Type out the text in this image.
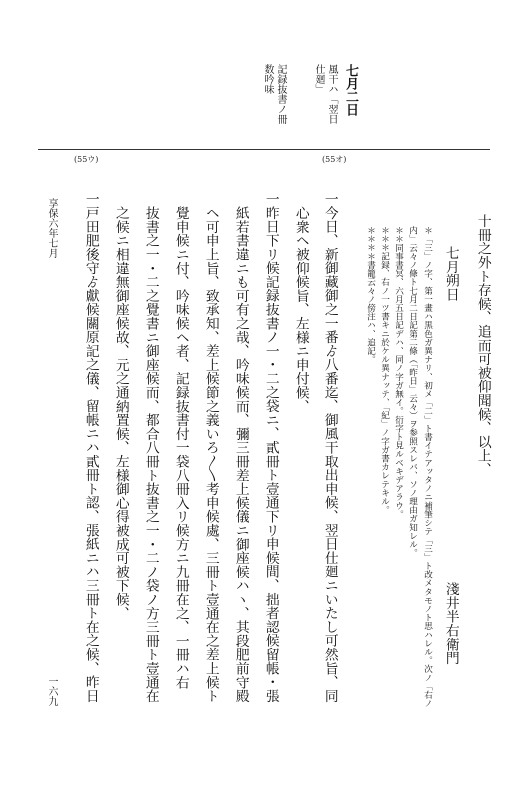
七月二日
風干ハ「翌日
仕廻」
記録抜書ノ冊
数吟味
(55オ)
(55ウ)
十冊之外ト存候、追而可被仰聞候、以上、
七月朔日
淺井半右衛門
＊「三」ノ字、第一畫ハ黒色ガ異ナリ、初メ「二」ト書イテアッタノニ補筆シテ「三」ト改メタモノト思ハレル。次ノ「右ノ
内」云々ノ條ト七月二日記第二條（「昨日」云々）ヲ参照スレバ、ソノ理由ガ知レル。
＊＊同事書冥、六月五日記デハ、同ノ字ガ無イ。衍字ト見ルベキデアラウ。
＊＊＊記録、右ノ一ツ書キニ於ケル異ナッテ、「紀」ノ字ガ書カレテキル。
＊＊＊＊書籠云々ノ傍注ハ、追記。
一今日、新御藏御之一番ゟ八番迄、御風干取出申候、翌日仕廻ニいたし可然旨、同
心衆ヘ被仰候旨、左様ニ申付候、
一昨日下リ候記録抜書ノ一・二之袋ニ、貳冊ト壹通下リ申候間、拙者認候留帳・張
紙若書違ニも可有之哉、吟味候而、彌三冊差上候儀ニ御座候ハヽ、其段肥前守殿
ヘ可申上旨、致承知、差上候節之義いろ〳〵考申候處、三冊ト壹通在之差上候ト
覺申候ニ付、吟味候ヘ者、記録抜書付一袋八冊入リ候方ニ九冊在之、一冊ハ右
抜書之一・二之覺書ニ御座候而、都合八冊ト抜書之一・二ノ袋ノ方三冊ト壹通在
之候ニ相違無御座候故、元之通納置候、左様御心得被成可被下候、
一戸田肥後守ゟ獻候關原記之儀、留帳ニハ貳冊ト認、張紙ニハ三冊ト在之候、昨日
享保六年七月
一六九
